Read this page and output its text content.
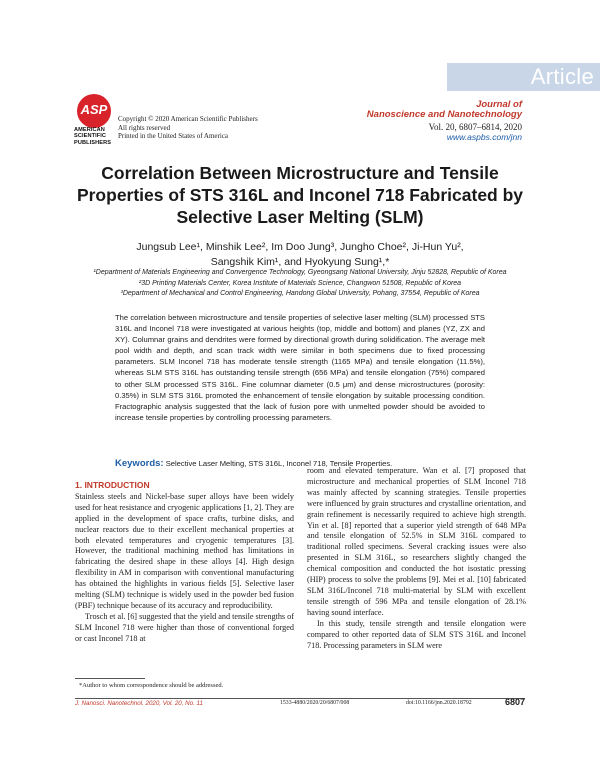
Article
ASP
AMERICAN
SCIENTIFIC
PUBLISHERS
Copyright © 2020 American Scientific Publishers
All rights reserved
Printed in the United States of America
Journal of
Nanoscience and Nanotechnology
Vol. 20, 6807–6814, 2020
www.aspbs.com/jnn
Correlation Between Microstructure and Tensile Properties of STS 316L and Inconel 718 Fabricated by Selective Laser Melting (SLM)
Jungsub Lee¹, Minshik Lee², Im Doo Jung³, Jungho Choe², Ji-Hun Yu²,
Sangshik Kim¹, and Hyokyung Sung¹,*
¹Department of Materials Engineering and Convergence Technology, Gyeongsang National University, Jinju 52828, Republic of Korea
²3D Printing Materials Center, Korea Institute of Materials Science, Changwon 51508, Republic of Korea
³Department of Mechanical and Control Engineering, Handong Global University, Pohang, 37554, Republic of Korea
The correlation between microstructure and tensile properties of selective laser melting (SLM) processed STS 316L and Inconel 718 were investigated at various heights (top, middle and bottom) and planes (YZ, ZX and XY). Columnar grains and dendrites were formed by directional growth during solidification. The average melt pool width and depth, and scan track width were similar in both specimens due to fixed processing parameters. SLM Inconel 718 has moderate tensile strength (1165 MPa) and tensile elongation (11.5%), whereas SLM STS 316L has outstanding tensile strength (656 MPa) and tensile elongation (75%) compared to other SLM processed STS 316L. Fine columnar diameter (0.5 μm) and dense microstructures (porosity: 0.35%) in SLM STS 316L promoted the enhancement of tensile elongation by suitable processing condition. Fractographic analysis suggested that the lack of fusion pore with unmelted powder should be avoided to increase tensile properties by controlling processing parameters.
Keywords: Selective Laser Melting, STS 316L, Inconel 718, Tensile Properties.
1. INTRODUCTION

Stainless steels and Nickel-base super alloys have been widely used for heat resistance and cryogenic applications [1, 2]. They are applied in the development of space crafts, turbine disks, and nuclear reactors due to their excellent mechanical properties at both elevated temperatures and cryogenic temperatures [3]. However, the traditional machining method has limitations in fabricating the desired shape in these alloys [4]. High design flexibility in AM in comparison with conventional manufacturing has obtained the highlights in various fields [5]. Selective laser melting (SLM) technique is widely used in the powder bed fusion (PBF) technique because of its accuracy and reproducibility.

Trosch et al. [6] suggested that the yield and tensile strengths of SLM Inconel 718 were higher than those of conventional forged or cast Inconel 718 at

room and elevated temperature. Wan et al. [7] proposed that microstructure and mechanical properties of SLM Inconel 718 was mainly affected by scanning strategies. Tensile properties were influenced by grain structures and crystalline orientation, and grain refinement is necessarily required to achieve high strength. Yin et al. [8] reported that a superior yield strength of 648 MPa and tensile elongation of 52.5% in SLM 316L compared to traditional rolled specimens. Several cracking issues were also presented in SLM 316L, so researchers slightly changed the chemical composition and conducted the hot isostatic pressing (HIP) process to solve the problems [9]. Mei et al. [10] fabricated SLM 316L/Inconel 718 multi-material by SLM with excellent tensile strength of 596 MPa and tensile elongation of 28.1% having sound interface.

In this study, tensile strength and tensile elongation were compared to other reported data of SLM STS 316L and Inconel 718. Processing parameters in SLM were

*Author to whom correspondence should be addressed.
J. Nanosci. Nanotechnol. 2020, Vol. 20, No. 11	1533-4880/2020/20/6807/008	doi:10.1166/jnn.2020.18792	6807
